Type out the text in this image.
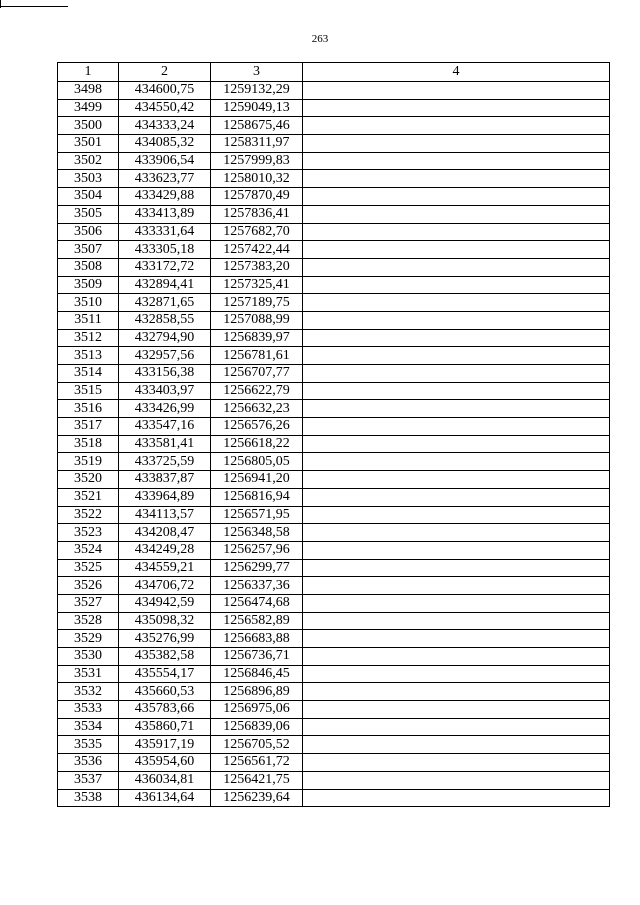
263
1	2	3	4
3498	434600,75	1259132,29	
3499	434550,42	1259049,13	
3500	434333,24	1258675,46	
3501	434085,32	1258311,97	
3502	433906,54	1257999,83	
3503	433623,77	1258010,32	
3504	433429,88	1257870,49	
3505	433413,89	1257836,41	
3506	433331,64	1257682,70	
3507	433305,18	1257422,44	
3508	433172,72	1257383,20	
3509	432894,41	1257325,41	
3510	432871,65	1257189,75	
3511	432858,55	1257088,99	
3512	432794,90	1256839,97	
3513	432957,56	1256781,61	
3514	433156,38	1256707,77	
3515	433403,97	1256622,79	
3516	433426,99	1256632,23	
3517	433547,16	1256576,26	
3518	433581,41	1256618,22	
3519	433725,59	1256805,05	
3520	433837,87	1256941,20	
3521	433964,89	1256816,94	
3522	434113,57	1256571,95	
3523	434208,47	1256348,58	
3524	434249,28	1256257,96	
3525	434559,21	1256299,77	
3526	434706,72	1256337,36	
3527	434942,59	1256474,68	
3528	435098,32	1256582,89	
3529	435276,99	1256683,88	
3530	435382,58	1256736,71	
3531	435554,17	1256846,45	
3532	435660,53	1256896,89	
3533	435783,66	1256975,06	
3534	435860,71	1256839,06	
3535	435917,19	1256705,52	
3536	435954,60	1256561,72	
3537	436034,81	1256421,75	
3538	436134,64	1256239,64	
